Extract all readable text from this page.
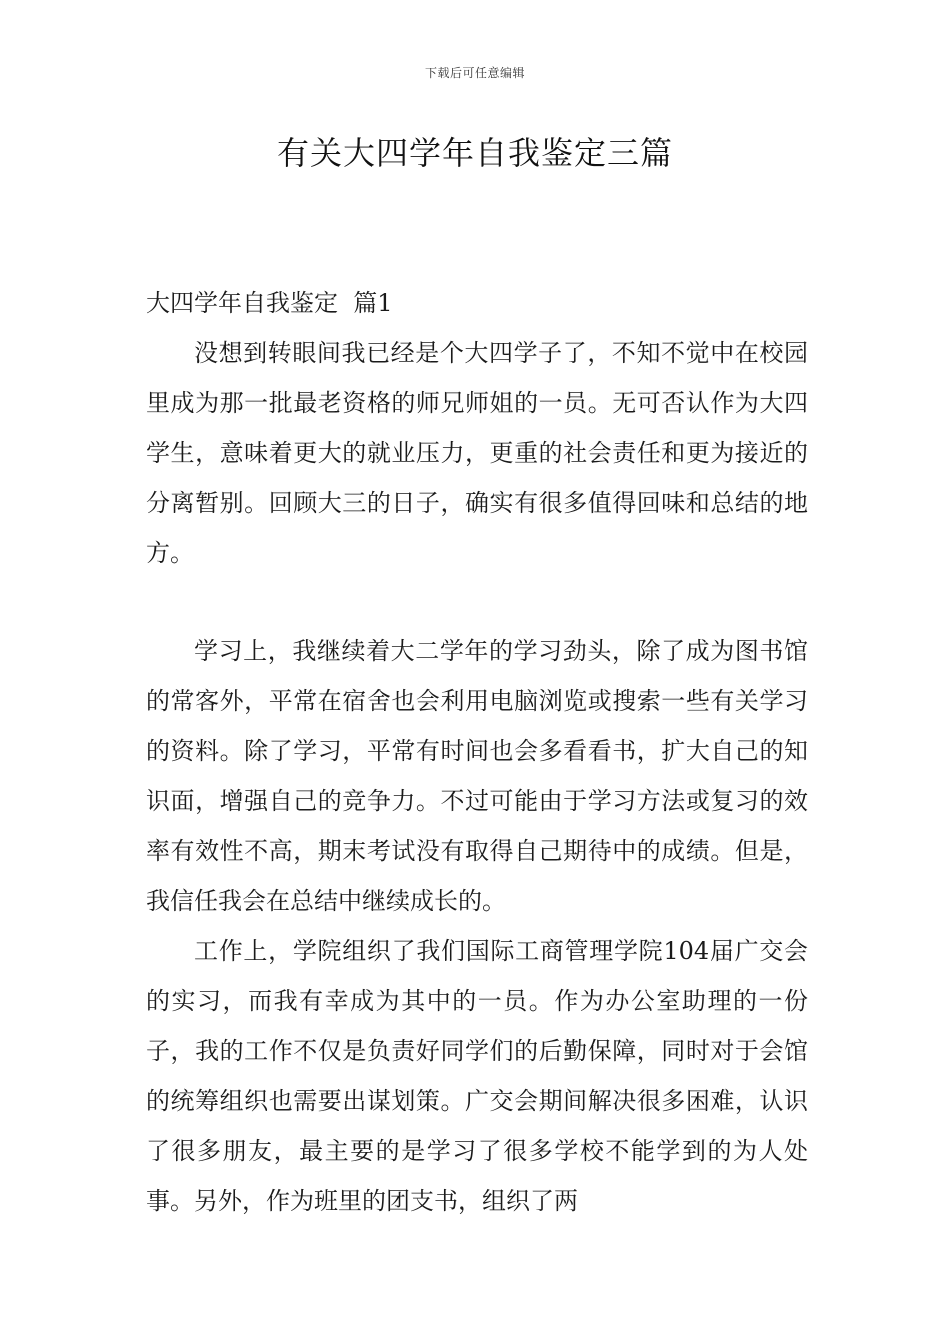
下载后可任意编辑
有关大四学年自我鉴定三篇

大四学年自我鉴定  篇1

没想到转眼间我已经是个大四学子了，不知不觉中在校园里成为那一批最老资格的师兄师姐的一员。无可否认作为大四学生，意味着更大的就业压力，更重的社会责任和更为接近的分离暂别。回顾大三的日子，确实有很多值得回味和总结的地方。

学习上，我继续着大二学年的学习劲头，除了成为图书馆的常客外，平常在宿舍也会利用电脑浏览或搜索一些有关学习的资料。除了学习，平常有时间也会多看看书，扩大自己的知识面，增强自己的竞争力。不过可能由于学习方法或复习的效率有效性不高，期末考试没有取得自己期待中的成绩。但是，我信任我会在总结中继续成长的。

工作上，学院组织了我们国际工商管理学院104届广交会的实习，而我有幸成为其中的一员。作为办公室助理的一份子，我的工作不仅是负责好同学们的后勤保障，同时对于会馆的统筹组织也需要出谋划策。广交会期间解决很多困难，认识了很多朋友，最主要的是学习了很多学校不能学到的为人处事。另外，作为班里的团支书，组织了两
